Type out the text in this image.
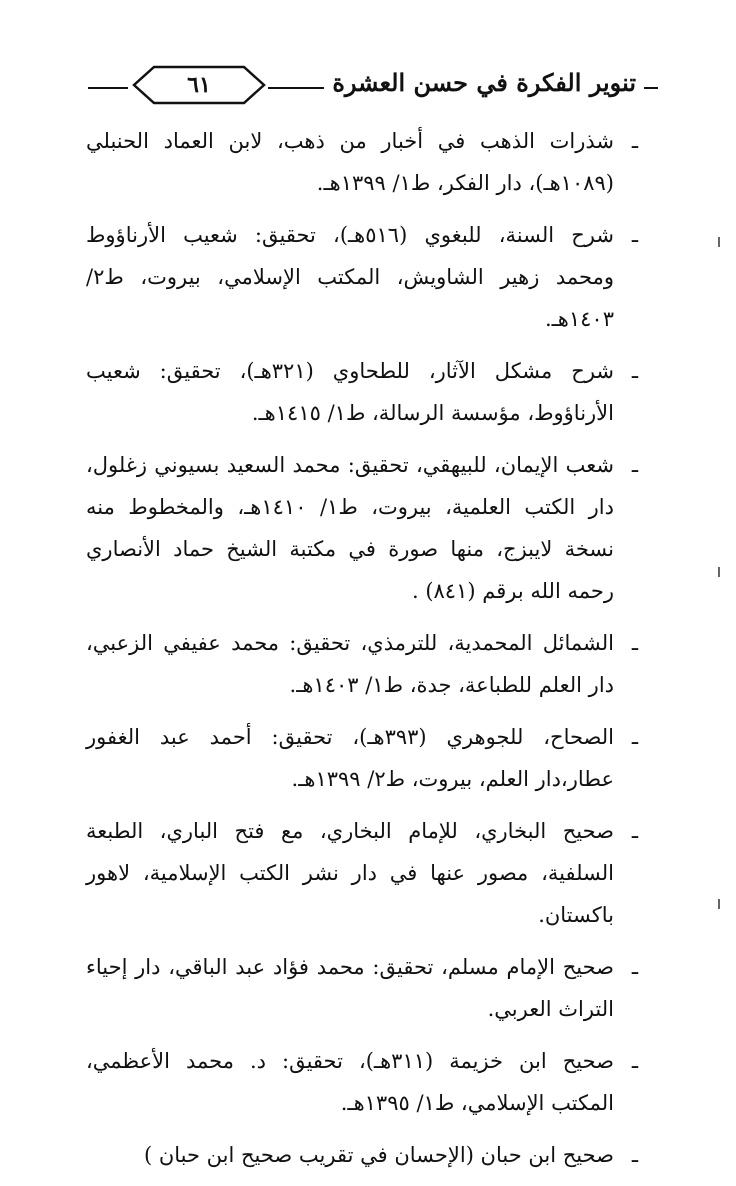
٦١	تنوير الفكرة في حسن العشرة

ـ
شذرات الذهب في أخبار من ذهب، لابن العماد الحنبلي (١٠٨٩هـ)، دار الفكر، ط١/ ١٣٩٩هـ.

ـ
شرح السنة، للبغوي (٥١٦هـ)، تحقيق: شعيب الأرناؤوط ومحمد زهير الشاويش، المكتب الإسلامي، بيروت، ط٢/ ١٤٠٣هـ.

ـ
شرح مشكل الآثار، للطحاوي (٣٢١هـ)، تحقيق: شعيب الأرناؤوط، مؤسسة الرسالة، ط١/ ١٤١٥هـ.

ـ
شعب الإيمان، للبيهقي، تحقيق: محمد السعيد بسيوني زغلول، دار الكتب العلمية، بيروت، ط١/ ١٤١٠هـ، والمخطوط منه نسخة لايبزج، منها صورة في مكتبة الشيخ حماد الأنصاري رحمه الله برقم (٨٤١) .

ـ
الشمائل المحمدية، للترمذي، تحقيق: محمد عفيفي الزعبي، دار العلم للطباعة، جدة، ط١/ ١٤٠٣هـ.

ـ
الصحاح، للجوهري (٣٩٣هـ)، تحقيق: أحمد عبد الغفور عطار،دار العلم، بيروت، ط٢/ ١٣٩٩هـ.

ـ
صحيح البخاري، للإمام البخاري، مع فتح الباري، الطبعة السلفية، مصور عنها في دار نشر الكتب الإسلامية، لاهور باكستان.

ـ
صحيح الإمام مسلم، تحقيق: محمد فؤاد عبد الباقي، دار إحياء التراث العربي.

ـ
صحيح ابن خزيمة (٣١١هـ)، تحقيق: د. محمد الأعظمي، المكتب الإسلامي، ط١/ ١٣٩٥هـ.

ـ
صحيح ابن حبان (الإحسان في تقريب صحيح ابن حبان )
